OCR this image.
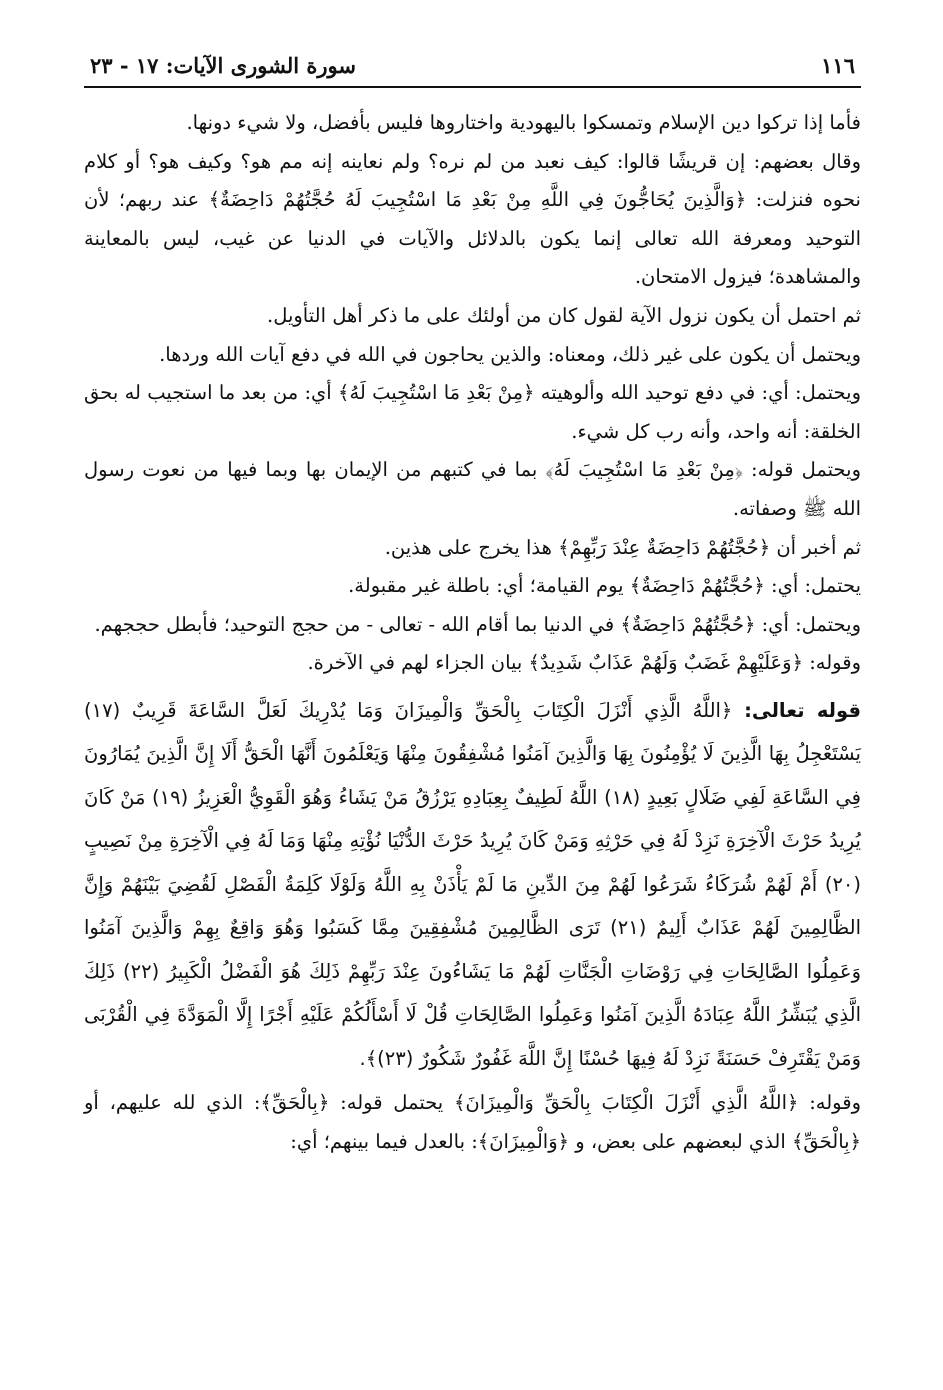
١١٦
سورة الشورى الآيات: ١٧ - ٢٣

فأما إذا تركوا دين الإسلام وتمسكوا باليهودية واختاروها فليس بأفضل، ولا شيء دونها.

وقال بعضهم: إن قريشًا قالوا: كيف نعبد من لم نره؟ ولم نعاينه إنه مم هو؟ وكيف هو؟ أو كلام نحوه فنزلت: ﴿وَالَّذِينَ يُحَاجُّونَ فِي اللَّهِ مِنْ بَعْدِ مَا اسْتُجِيبَ لَهُ حُجَّتُهُمْ دَاحِضَةٌ﴾ عند ربهم؛ لأن التوحيد ومعرفة الله تعالى إنما يكون بالدلائل والآيات في الدنيا عن غيب، ليس بالمعاينة والمشاهدة؛ فيزول الامتحان.

ثم احتمل أن يكون نزول الآية لقول كان من أولئك على ما ذكر أهل التأويل.

ويحتمل أن يكون على غير ذلك، ومعناه: والذين يحاجون في الله في دفع آيات الله وردها.

ويحتمل: أي: في دفع توحيد الله وألوهيته ﴿مِنْ بَعْدِ مَا اسْتُجِيبَ لَهُ﴾ أي: من بعد ما استجيب له بحق الخلقة: أنه واحد، وأنه رب كل شيء.

ويحتمل قوله: ﴿مِنْ بَعْدِ مَا اسْتُجِيبَ لَهُ﴾ بما في كتبهم من الإيمان بها وبما فيها من نعوت رسول الله ﷺ وصفاته.

ثم أخبر أن ﴿حُجَّتُهُمْ دَاحِضَةٌ عِنْدَ رَبِّهِمْ﴾ هذا يخرج على هذين.

يحتمل: أي: ﴿حُجَّتُهُمْ دَاحِضَةٌ﴾ يوم القيامة؛ أي: باطلة غير مقبولة.

ويحتمل: أي: ﴿حُجَّتُهُمْ دَاحِضَةٌ﴾ في الدنيا بما أقام الله - تعالى - من حجج التوحيد؛ فأبطل حججهم.

وقوله: ﴿وَعَلَيْهِمْ غَضَبٌ وَلَهُمْ عَذَابٌ شَدِيدٌ﴾ بيان الجزاء لهم في الآخرة.

قوله تعالى: ﴿اللَّهُ الَّذِي أَنْزَلَ الْكِتَابَ بِالْحَقِّ وَالْمِيزَانَ وَمَا يُدْرِيكَ لَعَلَّ السَّاعَةَ قَرِيبٌ (١٧) يَسْتَعْجِلُ بِهَا الَّذِينَ لَا يُؤْمِنُونَ بِهَا وَالَّذِينَ آمَنُوا مُشْفِقُونَ مِنْهَا وَيَعْلَمُونَ أَنَّهَا الْحَقُّ أَلَا إِنَّ الَّذِينَ يُمَارُونَ فِي السَّاعَةِ لَفِي ضَلَالٍ بَعِيدٍ (١٨) اللَّهُ لَطِيفٌ بِعِبَادِهِ يَرْزُقُ مَنْ يَشَاءُ وَهُوَ الْقَوِيُّ الْعَزِيزُ (١٩) مَنْ كَانَ يُرِيدُ حَرْثَ الْآخِرَةِ نَزِدْ لَهُ فِي حَرْثِهِ وَمَنْ كَانَ يُرِيدُ حَرْثَ الدُّنْيَا نُؤْتِهِ مِنْهَا وَمَا لَهُ فِي الْآخِرَةِ مِنْ نَصِيبٍ (٢٠) أَمْ لَهُمْ شُرَكَاءُ شَرَعُوا لَهُمْ مِنَ الدِّينِ مَا لَمْ يَأْذَنْ بِهِ اللَّهُ وَلَوْلَا كَلِمَةُ الْفَصْلِ لَقُضِيَ بَيْنَهُمْ وَإِنَّ الظَّالِمِينَ لَهُمْ عَذَابٌ أَلِيمٌ (٢١) تَرَى الظَّالِمِينَ مُشْفِقِينَ مِمَّا كَسَبُوا وَهُوَ وَاقِعٌ بِهِمْ وَالَّذِينَ آمَنُوا وَعَمِلُوا الصَّالِحَاتِ فِي رَوْضَاتِ الْجَنَّاتِ لَهُمْ مَا يَشَاءُونَ عِنْدَ رَبِّهِمْ ذَلِكَ هُوَ الْفَضْلُ الْكَبِيرُ (٢٢) ذَلِكَ الَّذِي يُبَشِّرُ اللَّهُ عِبَادَهُ الَّذِينَ آمَنُوا وَعَمِلُوا الصَّالِحَاتِ قُلْ لَا أَسْأَلُكُمْ عَلَيْهِ أَجْرًا إِلَّا الْمَوَدَّةَ فِي الْقُرْبَى وَمَنْ يَقْتَرِفْ حَسَنَةً نَزِدْ لَهُ فِيهَا حُسْنًا إِنَّ اللَّهَ غَفُورٌ شَكُورٌ (٢٣)﴾.

وقوله: ﴿اللَّهُ الَّذِي أَنْزَلَ الْكِتَابَ بِالْحَقِّ وَالْمِيزَانَ﴾ يحتمل قوله: ﴿بِالْحَقِّ﴾: الذي لله عليهم، أو ﴿بِالْحَقِّ﴾ الذي لبعضهم على بعض، و ﴿وَالْمِيزَانَ﴾: بالعدل فيما بينهم؛ أي:
